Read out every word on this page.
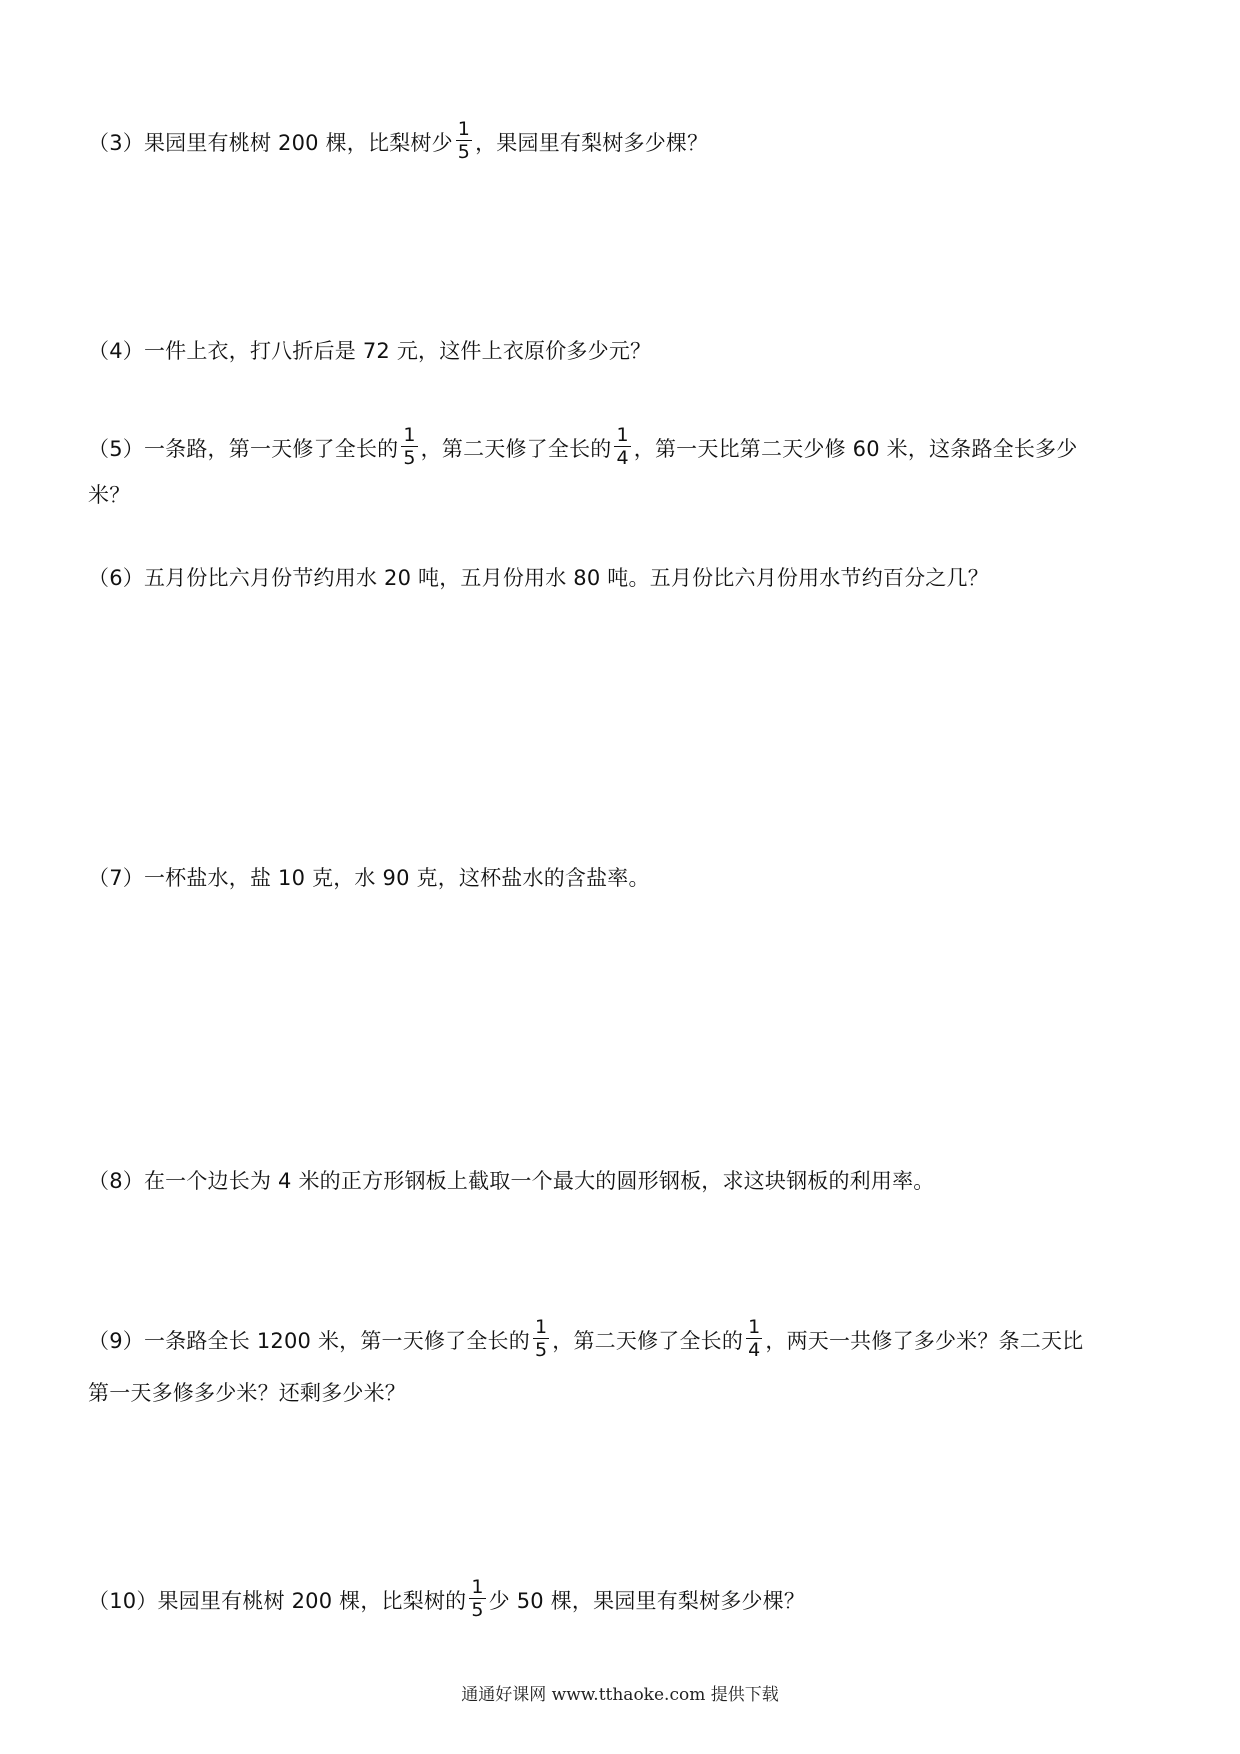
（3）果园里有桃树 200 棵，比梨树少 $\frac{1}{5}$ ，果园里有梨树多少棵？
（4）一件上衣，打八折后是 72 元，这件上衣原价多少元？
（5）一条路，第一天修了全长的 $\frac{1}{5}$ ，第二天修了全长的 $\frac{1}{4}$ ，第一天比第二天少修 60 米，这条路全长多少
米？
（6）五月份比六月份节约用水 20 吨，五月份用水 80 吨。五月份比六月份用水节约百分之几？
（7）一杯盐水，盐 10 克，水 90 克，这杯盐水的含盐率。
（8）在一个边长为 4 米的正方形钢板上截取一个最大的圆形钢板，求这块钢板的利用率。
（9）一条路全长 1200 米，第一天修了全长的 $\frac{1}{5}$ ，第二天修了全长的 $\frac{1}{4}$ ，两天一共修了多少米？条二天比
第一天多修多少米？还剩多少米？
（10）果园里有桃树 200 棵，比梨树的 $\frac{1}{5}$ 少 50 棵，果园里有梨树多少棵？
通通好课网 www.tthaoke.com 提供下载
